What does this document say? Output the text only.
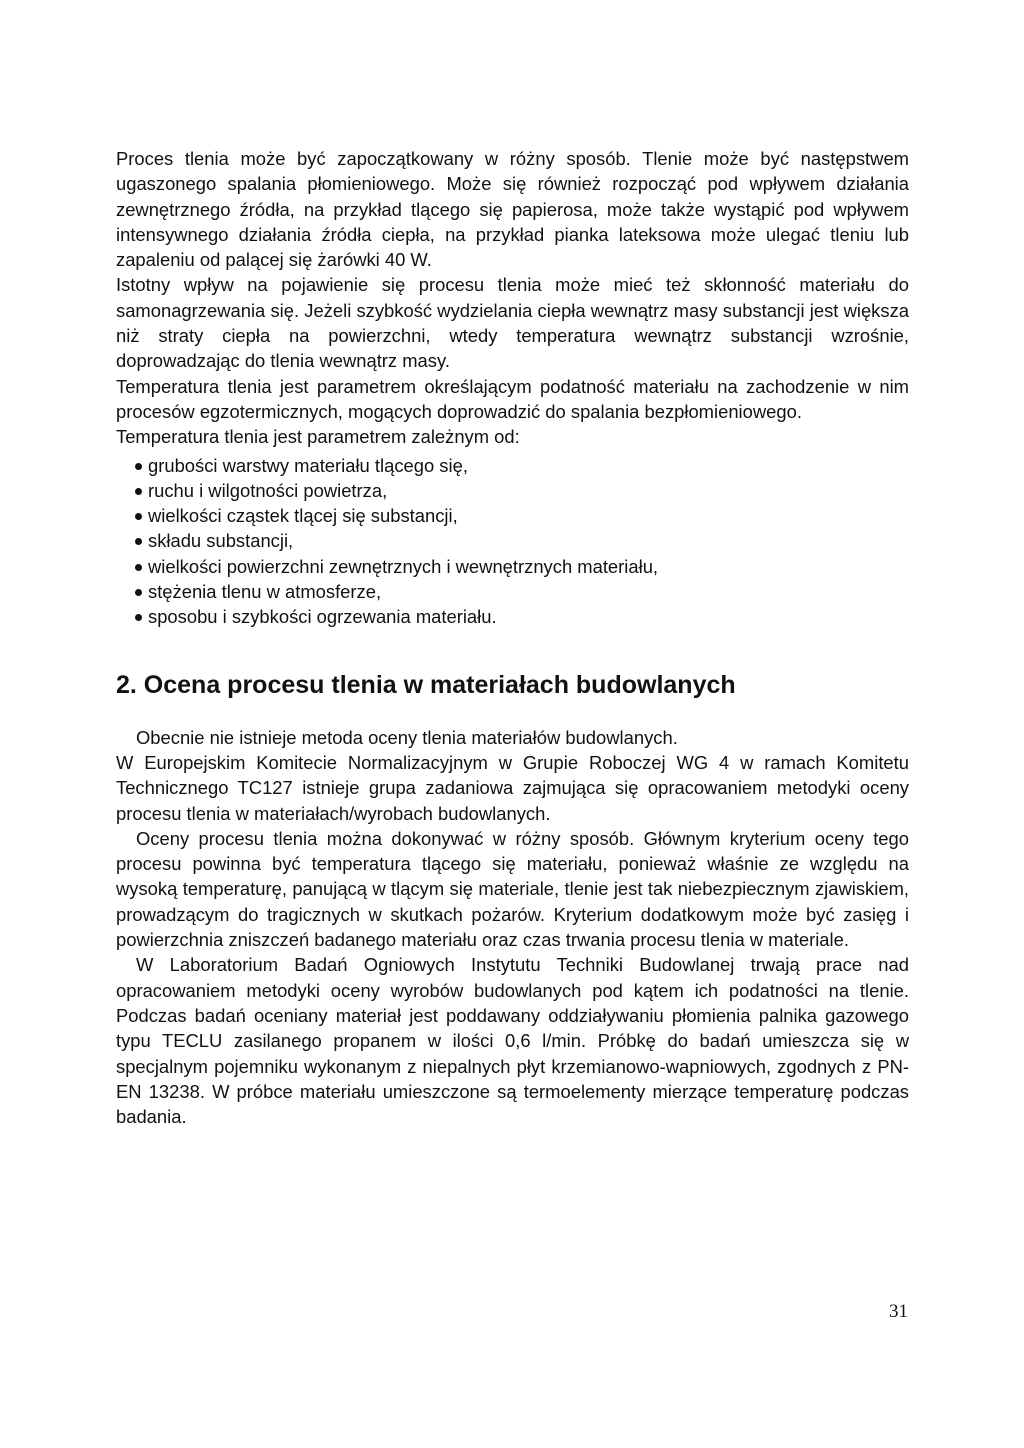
Proces tlenia może być zapoczątkowany w różny sposób. Tlenie może być następstwem ugaszonego spalania płomieniowego. Może się również rozpocząć pod wpływem działania zewnętrznego źródła, na przykład tlącego się papierosa, może także wystąpić pod wpływem intensywnego działania źródła ciepła, na przykład pianka lateksowa może ulegać tleniu lub zapaleniu od palącej się żarówki 40 W.

Istotny wpływ na pojawienie się procesu tlenia może mieć też skłonność materiału do samonagrzewania się. Jeżeli szybkość wydzielania ciepła wewnątrz masy substancji jest większa niż straty ciepła na powierzchni, wtedy temperatura wewnątrz substancji wzrośnie, doprowadzając do tlenia wewnątrz masy.

Temperatura tlenia jest parametrem określającym podatność materiału na zachodzenie w nim procesów egzotermicznych, mogących doprowadzić do spalania bezpłomieniowego.

Temperatura tlenia jest parametrem zależnym od:

grubości warstwy materiału tlącego się,
ruchu i wilgotności powietrza,
wielkości cząstek tlącej się substancji,
składu substancji,
wielkości powierzchni zewnętrznych i wewnętrznych materiału,
stężenia tlenu w atmosferze,
sposobu i szybkości ogrzewania materiału.
2. Ocena procesu tlenia w materiałach budowlanych

Obecnie nie istnieje metoda oceny tlenia materiałów budowlanych.

W Europejskim Komitecie Normalizacyjnym w Grupie Roboczej WG 4 w ramach Komitetu Technicznego TC127 istnieje grupa zadaniowa zajmująca się opracowaniem metodyki oceny procesu tlenia w materiałach/wyrobach budowlanych.

Oceny procesu tlenia można dokonywać w różny sposób. Głównym kryterium oceny tego procesu powinna być temperatura tlącego się materiału, ponieważ właśnie ze względu na wysoką temperaturę, panującą w tlącym się materiale, tlenie jest tak niebezpiecznym zjawiskiem, prowadzącym do tragicznych w skutkach pożarów. Kryterium dodatkowym może być zasięg i powierzchnia zniszczeń badanego materiału oraz czas trwania procesu tlenia w materiale.

W Laboratorium Badań Ogniowych Instytutu Techniki Budowlanej trwają prace nad opracowaniem metodyki oceny wyrobów budowlanych pod kątem ich podatności na tlenie. Podczas badań oceniany materiał jest poddawany oddziaływaniu płomienia palnika gazowego typu TECLU zasilanego propanem w ilości 0,6 l/min. Próbkę do badań umieszcza się w specjalnym pojemniku wykonanym z niepalnych płyt krzemianowo-wapniowych, zgodnych z PN-EN 13238. W próbce materiału umieszczone są termoelementy mierzące temperaturę podczas badania.

31
